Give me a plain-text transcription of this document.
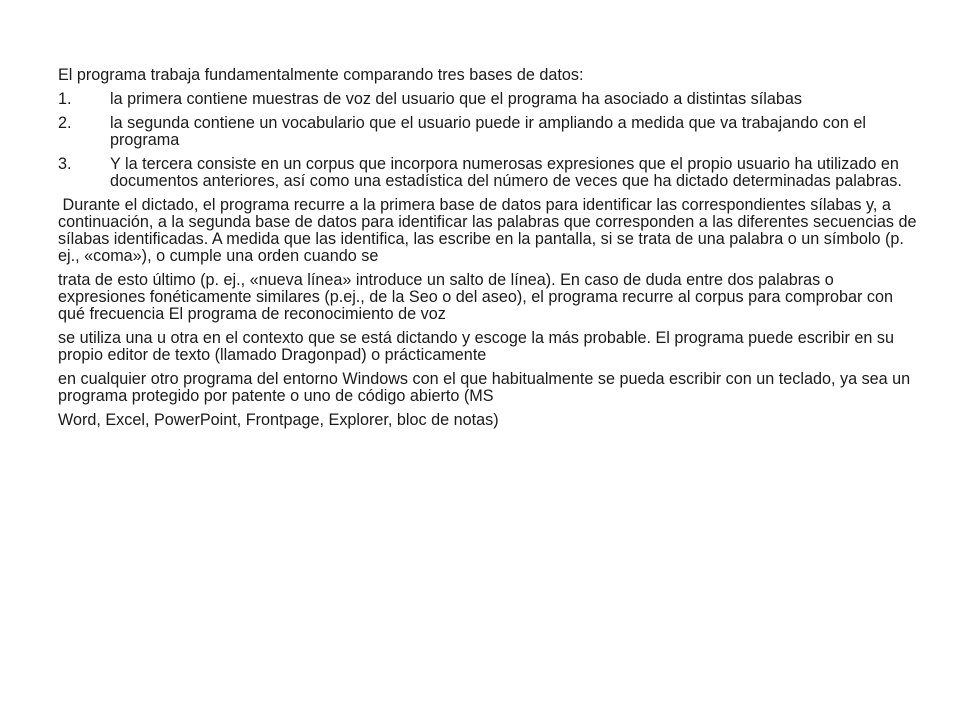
El programa trabaja fundamentalmente comparando tres bases de datos:

1. la primera contiene muestras de voz del usuario que el programa ha asociado a distintas sílabas
2. la segunda contiene un vocabulario que el usuario puede ir ampliando a medida que va trabajando con el programa
3. Y la tercera consiste en un corpus que incorpora numerosas expresiones que el propio usuario ha utilizado en documentos anteriores, así como una estadística del número de veces que ha dictado determinadas palabras.

Durante el dictado, el programa recurre a la primera base de datos para identificar las correspondientes sílabas y, a continuación, a la segunda base de datos para identificar las palabras que corresponden a las diferentes secuencias de sílabas identificadas. A medida que las identifica, las escribe en la pantalla, si se trata de una palabra o un símbolo (p. ej., «coma»), o cumple una orden cuando se

trata de esto último (p. ej., «nueva línea» introduce un salto de línea). En caso de duda entre dos palabras o expresiones fonéticamente similares (p.ej., de la Seo o del aseo), el programa recurre al corpus para comprobar con qué frecuencia El programa de reconocimiento de voz

se utiliza una u otra en el contexto que se está dictando y escoge la más probable. El programa puede escribir en su propio editor de texto (llamado Dragonpad) o prácticamente

en cualquier otro programa del entorno Windows con el que habitualmente se pueda escribir con un teclado, ya sea un programa protegido por patente o uno de código abierto (MS

Word, Excel, PowerPoint, Frontpage, Explorer, bloc de notas)
